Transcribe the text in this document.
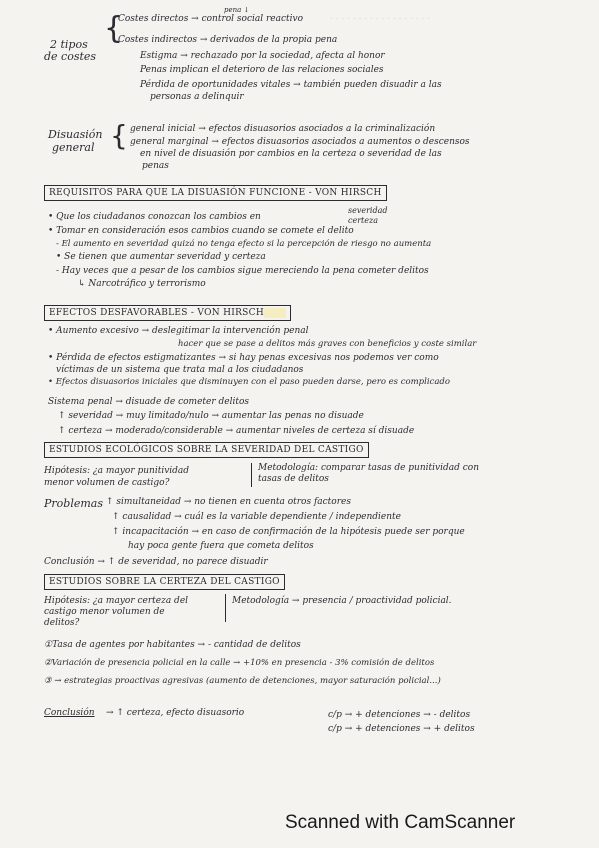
. . . . . . . . . . . . . . . . . .
2 tipos
de costes
{
pena ↓
Costes directos → control social reactivo
Costes indirectos → derivados de la propia pena
Estigma → rechazado por la sociedad, afecta al honor
Penas implican el deterioro de las relaciones sociales
Pérdida de oportunidades vitales → también pueden disuadir a las
personas a delinquir
Disuasión
general { general inicial → efectos disuasorios asociados a la criminalización
general marginal → efectos disuasorios asociados a aumentos o descensos
en nivel de disuasión por cambios en la certeza o severidad de las
penas
REQUISITOS PARA QUE LA DISUASIÓN FUNCIONE - VON HIRSCH
• Que los ciudadanos conozcan los cambios en
severidad
certeza
• Tomar en consideración esos cambios cuando se comete el delito
- El aumento en severidad quizá no tenga efecto si la percepción de riesgo no aumenta
• Se tienen que aumentar severidad y certeza
- Hay veces que a pesar de los cambios sigue mereciendo la pena cometer delitos
↳ Narcotráfico y terrorismo
EFECTOS DESFAVORABLES - VON HIRSCH
• Aumento excesivo → deslegitimar la intervención penal
hacer que se pase a delitos más graves con beneficios y coste similar
• Pérdida de efectos estigmatizantes → si hay penas excesivas nos podemos ver como
víctimas de un sistema que trata mal a los ciudadanos
• Efectos disuasorios iniciales que disminuyen con el paso pueden darse, pero es complicado
Sistema penal → disuade de cometer delitos
↑ severidad → muy limitado/nulo → aumentar las penas no disuade
↑ certeza → moderado/considerable → aumentar niveles de certeza sí disuade
ESTUDIOS ECOLÓGICOS SOBRE LA SEVERIDAD DEL CASTIGO
Hipótesis: ¿a mayor punitividad
menor volumen de castigo?
Metodología: comparar tasas de punitividad con
tasas de delitos
Problemas ↑ simultaneidad → no tienen en cuenta otros factores
↑ causalidad → cuál es la variable dependiente / independiente
↑ incapacitación → en caso de confirmación de la hipótesis puede ser porque
hay poca gente fuera que cometa delitos
Conclusión → ↑ de severidad, no parece disuadir
ESTUDIOS SOBRE LA CERTEZA DEL CASTIGO
Hipótesis: ¿a mayor certeza del
castigo menor volumen de
delitos?
Metodología → presencia / proactividad policial.
①Tasa de agentes por habitantes → - cantidad de delitos
②Variación de presencia policial en la calle → +10% en presencia - 3% comisión de delitos
③ → estrategias proactivas agresivas (aumento de detenciones, mayor saturación policial...)
Conclusión → ↑ certeza, efecto disuasorio	c/p → + detenciones → - delitos
c/p → + detenciones → + delitos
Scanned with CamScanner
